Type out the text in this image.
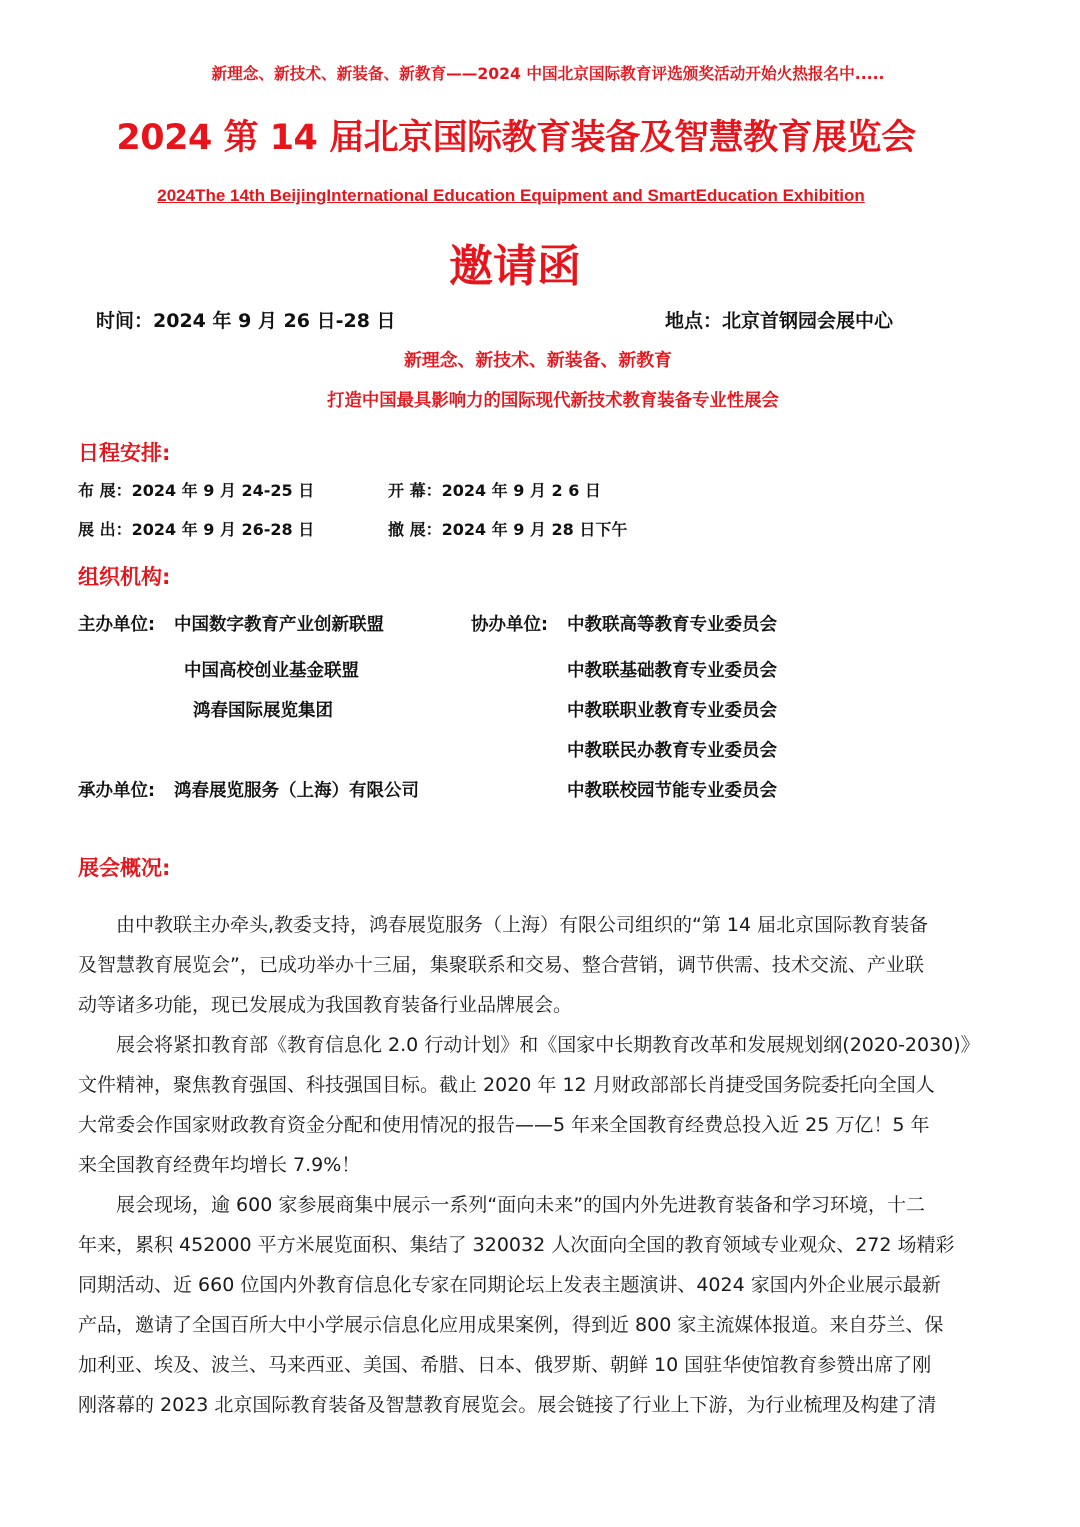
新理念、新技术、新装备、新教育——2024 中国北京国际教育评选颁奖活动开始火热报名中.....
2024 第 14 届北京国际教育装备及智慧教育展览会
2024The 14th BeijingInternational Education Equipment and SmartEducation Exhibition
邀请函
时间：2024 年 9 月 26 日-28 日	地点：北京首钢园会展中心
新理念、新技术、新装备、新教育
打造中国最具影响力的国际现代新技术教育装备专业性展会
日程安排:
布 展：2024 年 9 月 24-25 日	开 幕：2024 年 9 月 2 6 日
展 出：2024 年 9 月 26-28 日	撤 展：2024 年 9 月 28 日下午
组织机构:
主办单位: 中国数字教育产业创新联盟
中国高校创业基金联盟
鸿春国际展览集团
承办单位: 鸿春展览服务（上海）有限公司
协办单位: 中教联高等教育专业委员会
中教联基础教育专业委员会
中教联职业教育专业委员会
中教联民办教育专业委员会
中教联校园节能专业委员会
展会概况:
由中教联主办牵头,教委支持，鸿春展览服务（上海）有限公司组织的“第 14 届北京国际教育装备
及智慧教育展览会”，已成功举办十三届，集聚联系和交易、整合营销，调节供需、技术交流、产业联
动等诸多功能，现已发展成为我国教育装备行业品牌展会。
展会将紧扣教育部《教育信息化 2.0 行动计划》和《国家中长期教育改革和发展规划纲(2020-2030)》
文件精神，聚焦教育强国、科技强国目标。截止 2020 年 12 月财政部部长肖捷受国务院委托向全国人
大常委会作国家财政教育资金分配和使用情况的报告——5 年来全国教育经费总投入近 25 万亿！5 年
来全国教育经费年均增长 7.9%！
展会现场，逾 600 家参展商集中展示一系列“面向未来”的国内外先进教育装备和学习环境，十二
年来，累积 452000 平方米展览面积、集结了 320032 人次面向全国的教育领域专业观众、272 场精彩
同期活动、近 660 位国内外教育信息化专家在同期论坛上发表主题演讲、4024 家国内外企业展示最新
产品，邀请了全国百所大中小学展示信息化应用成果案例，得到近 800 家主流媒体报道。来自芬兰、保
加利亚、埃及、波兰、马来西亚、美国、希腊、日本、俄罗斯、朝鲜 10 国驻华使馆教育参赞出席了刚
刚落幕的 2023 北京国际教育装备及智慧教育展览会。展会链接了行业上下游，为行业梳理及构建了清
